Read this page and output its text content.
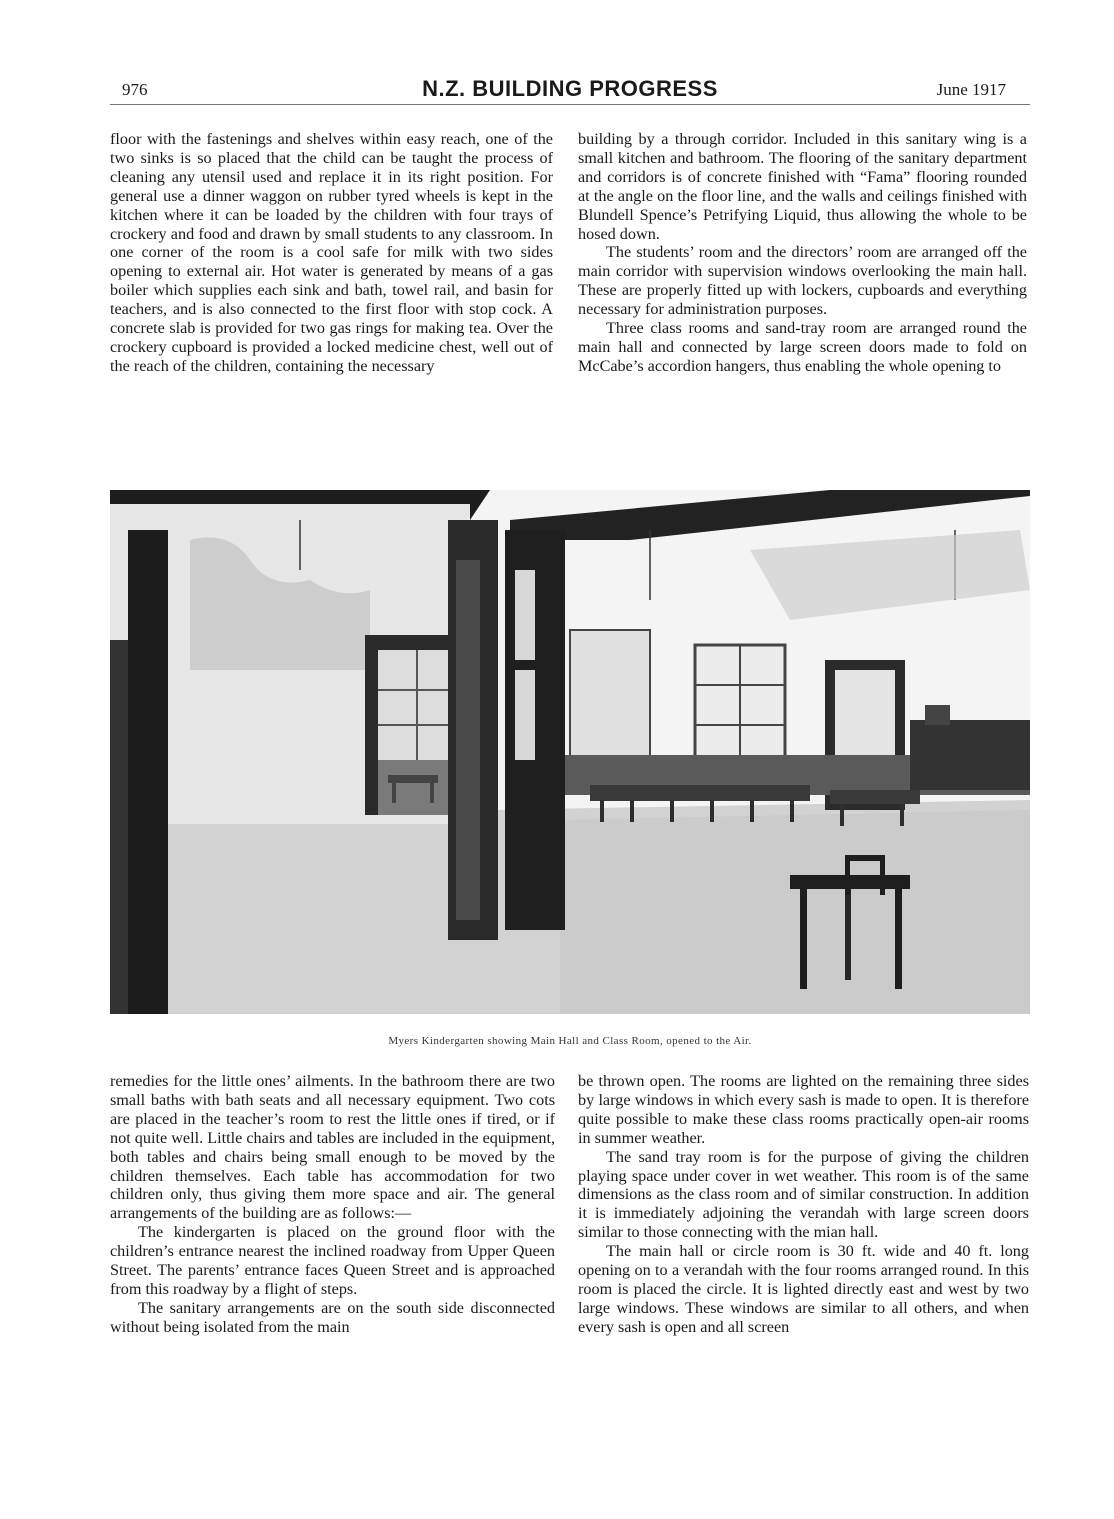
976	N.Z. BUILDING PROGRESS	June 1917

floor with the fastenings and shelves within easy reach, one of the two sinks is so placed that the child can be taught the process of cleaning any utensil used and replace it in its right position. For general use a dinner waggon on rubber tyred wheels is kept in the kitchen where it can be loaded by the children with four trays of crockery and food and drawn by small students to any classroom. In one corner of the room is a cool safe for milk with two sides opening to external air. Hot water is generated by means of a gas boiler which supplies each sink and bath, towel rail, and basin for teachers, and is also connected to the first floor with stop cock. A concrete slab is provided for two gas rings for making tea. Over the crockery cupboard is provided a locked medicine chest, well out of the reach of the children, containing the necessary

building by a through corridor. Included in this sanitary wing is a small kitchen and bathroom. The flooring of the sanitary department and corridors is of concrete finished with “Fama” flooring rounded at the angle on the floor line, and the walls and ceilings finished with Blundell Spence’s Petrifying Liquid, thus allowing the whole to be hosed down.

The students’ room and the directors’ room are arranged off the main corridor with supervision windows overlooking the main hall. These are properly fitted up with lockers, cupboards and everything necessary for administration purposes.

Three class rooms and sand-tray room are arranged round the main hall and connected by large screen doors made to fold on McCabe’s accordion hangers, thus enabling the whole opening to

Myers Kindergarten showing Main Hall and Class Room, opened to the Air.

remedies for the little ones’ ailments. In the bathroom there are two small baths with bath seats and all necessary equipment. Two cots are placed in the teacher’s room to rest the little ones if tired, or if not quite well. Little chairs and tables are included in the equipment, both tables and chairs being small enough to be moved by the children themselves. Each table has accommodation for two children only, thus giving them more space and air. The general arrangements of the building are as follows:—

The kindergarten is placed on the ground floor with the children’s entrance nearest the inclined roadway from Upper Queen Street. The parents’ entrance faces Queen Street and is approached from this roadway by a flight of steps.

The sanitary arrangements are on the south side disconnected without being isolated from the main

be thrown open. The rooms are lighted on the remaining three sides by large windows in which every sash is made to open. It is therefore quite possible to make these class rooms practically open-air rooms in summer weather.

The sand tray room is for the purpose of giving the children playing space under cover in wet weather. This room is of the same dimensions as the class room and of similar construction. In addition it is immediately adjoining the verandah with large screen doors similar to those connecting with the mian hall.

The main hall or circle room is 30 ft. wide and 40 ft. long opening on to a verandah with the four rooms arranged round. In this room is placed the circle. It is lighted directly east and west by two large windows. These windows are similar to all others, and when every sash is open and all screen
